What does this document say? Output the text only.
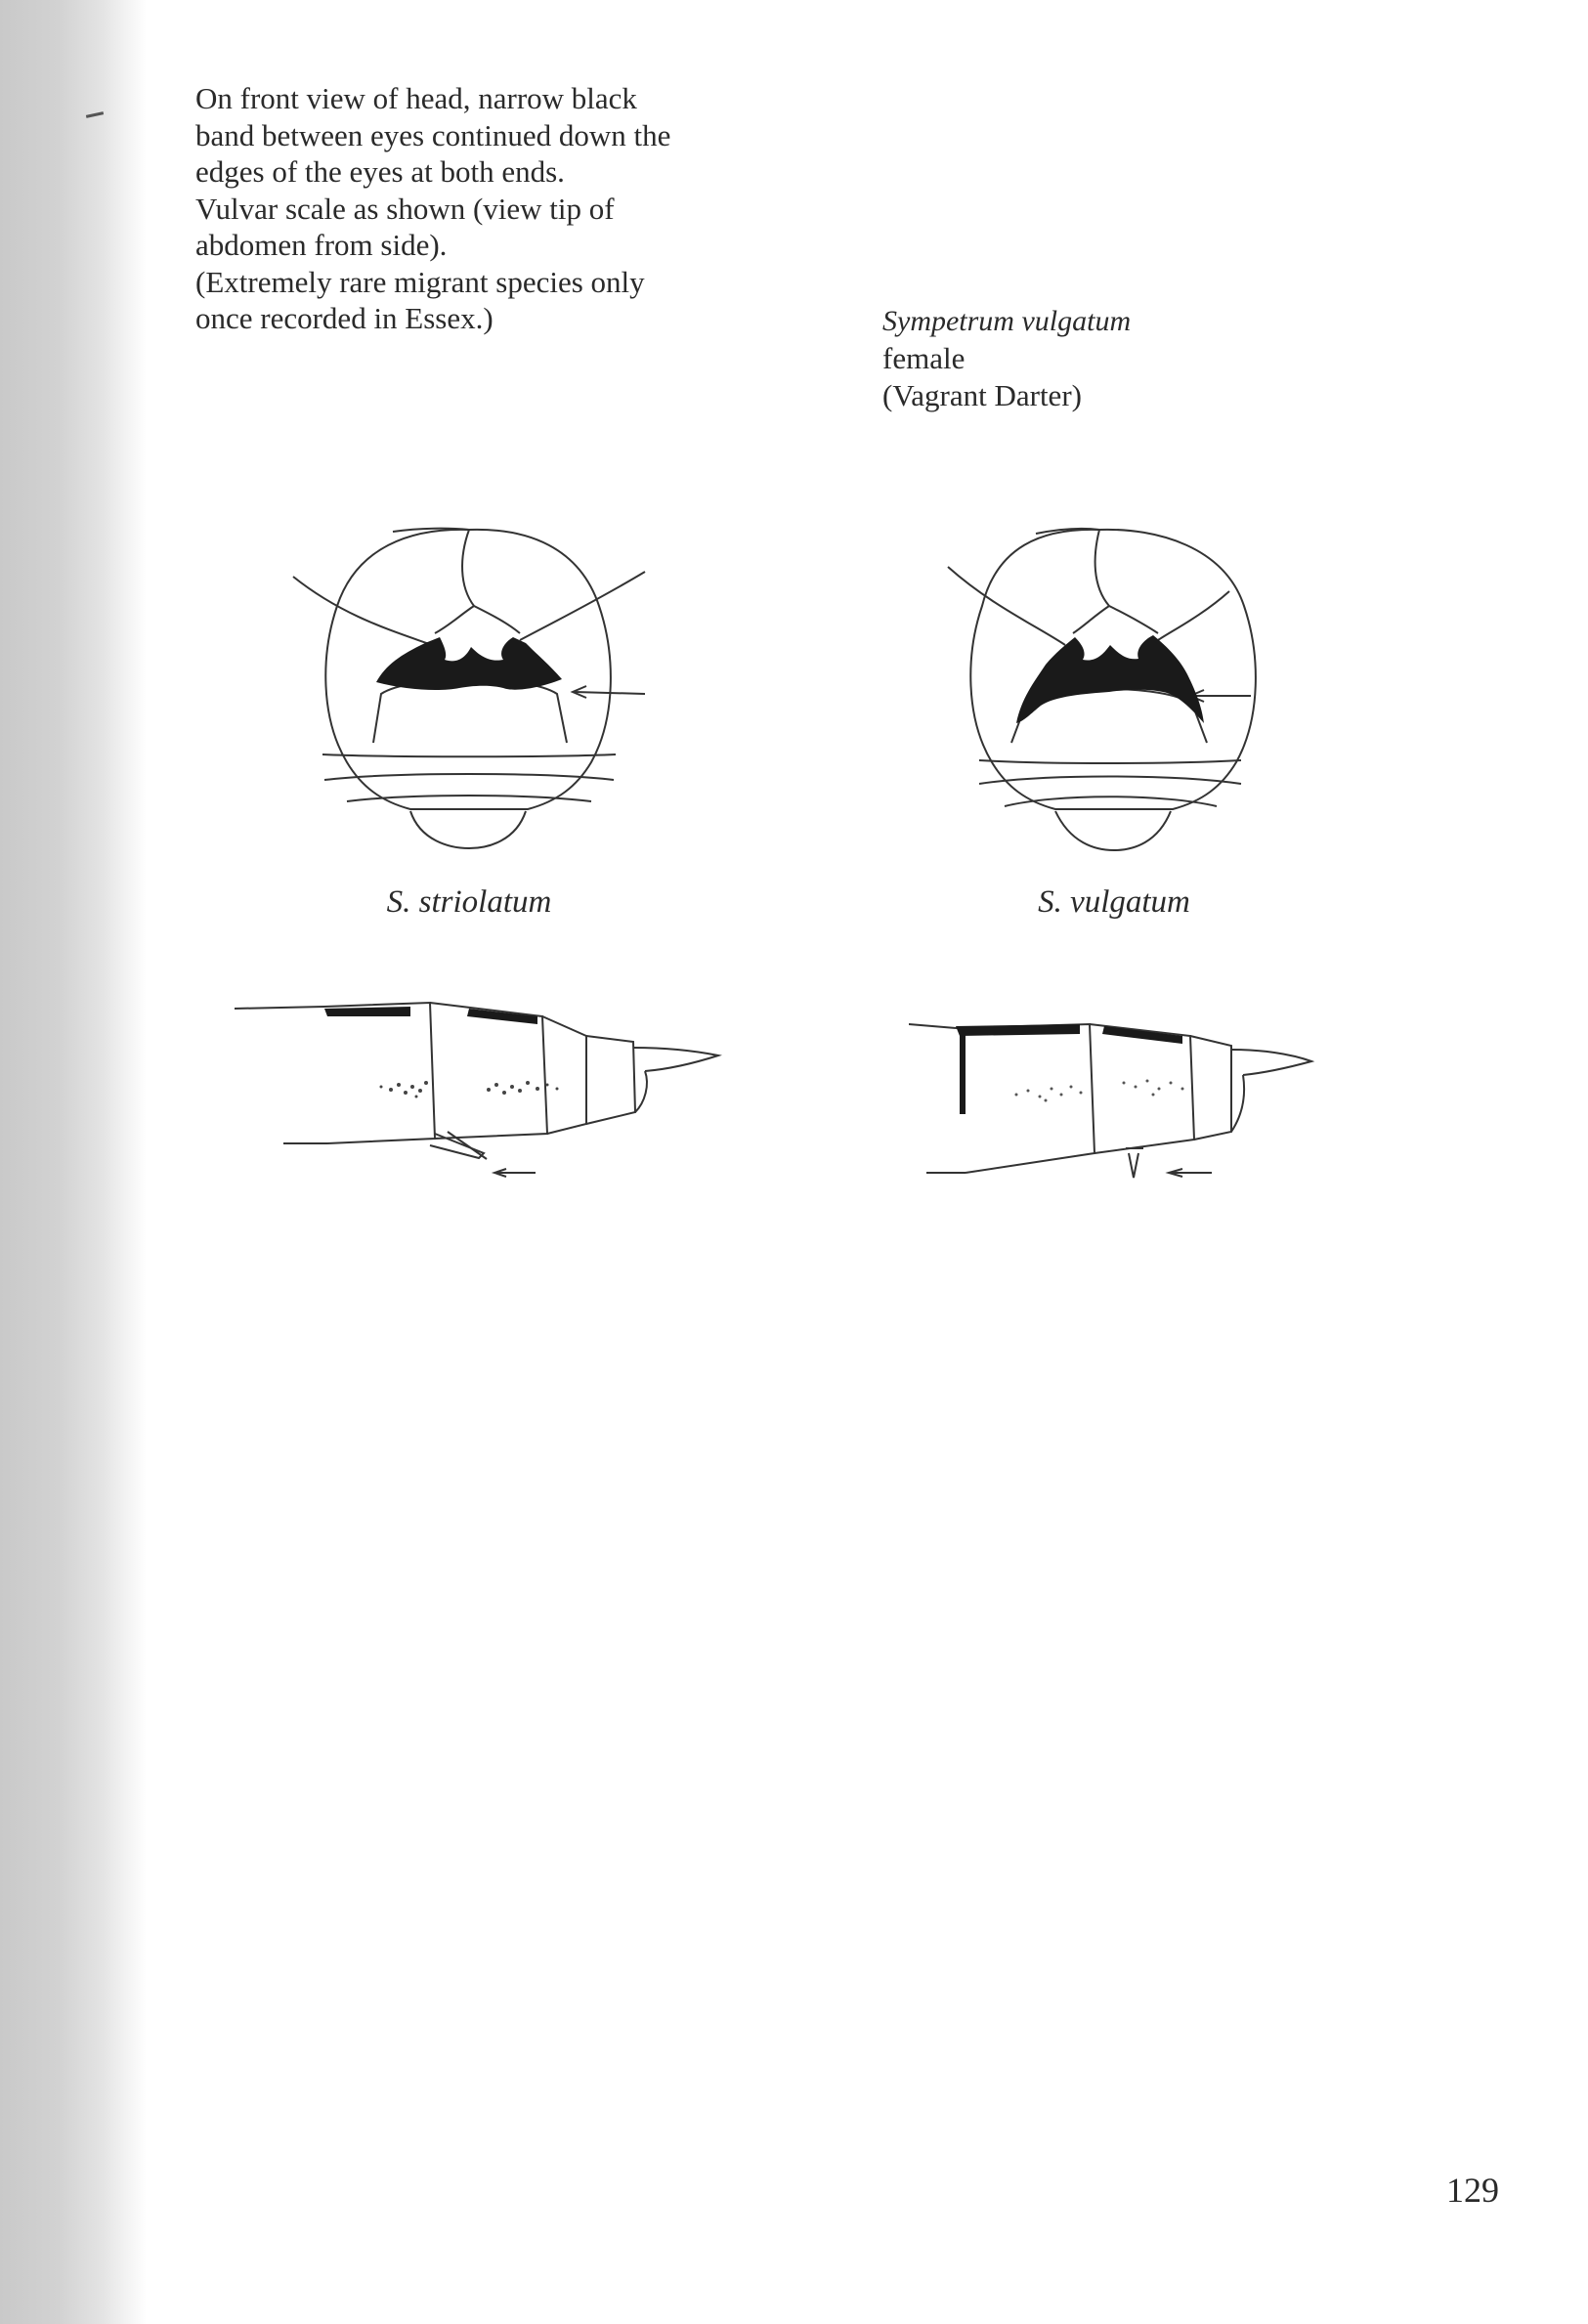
On front view of head, narrow black
band between eyes continued down the
edges of the eyes at both ends.
Vulvar scale as shown (view tip of
abdomen from side).
(Extremely rare migrant species only
once recorded in Essex.)	Sympetrum vulgatum
female
(Vagrant Darter)
S. striolatum	S. vulgatum
129
